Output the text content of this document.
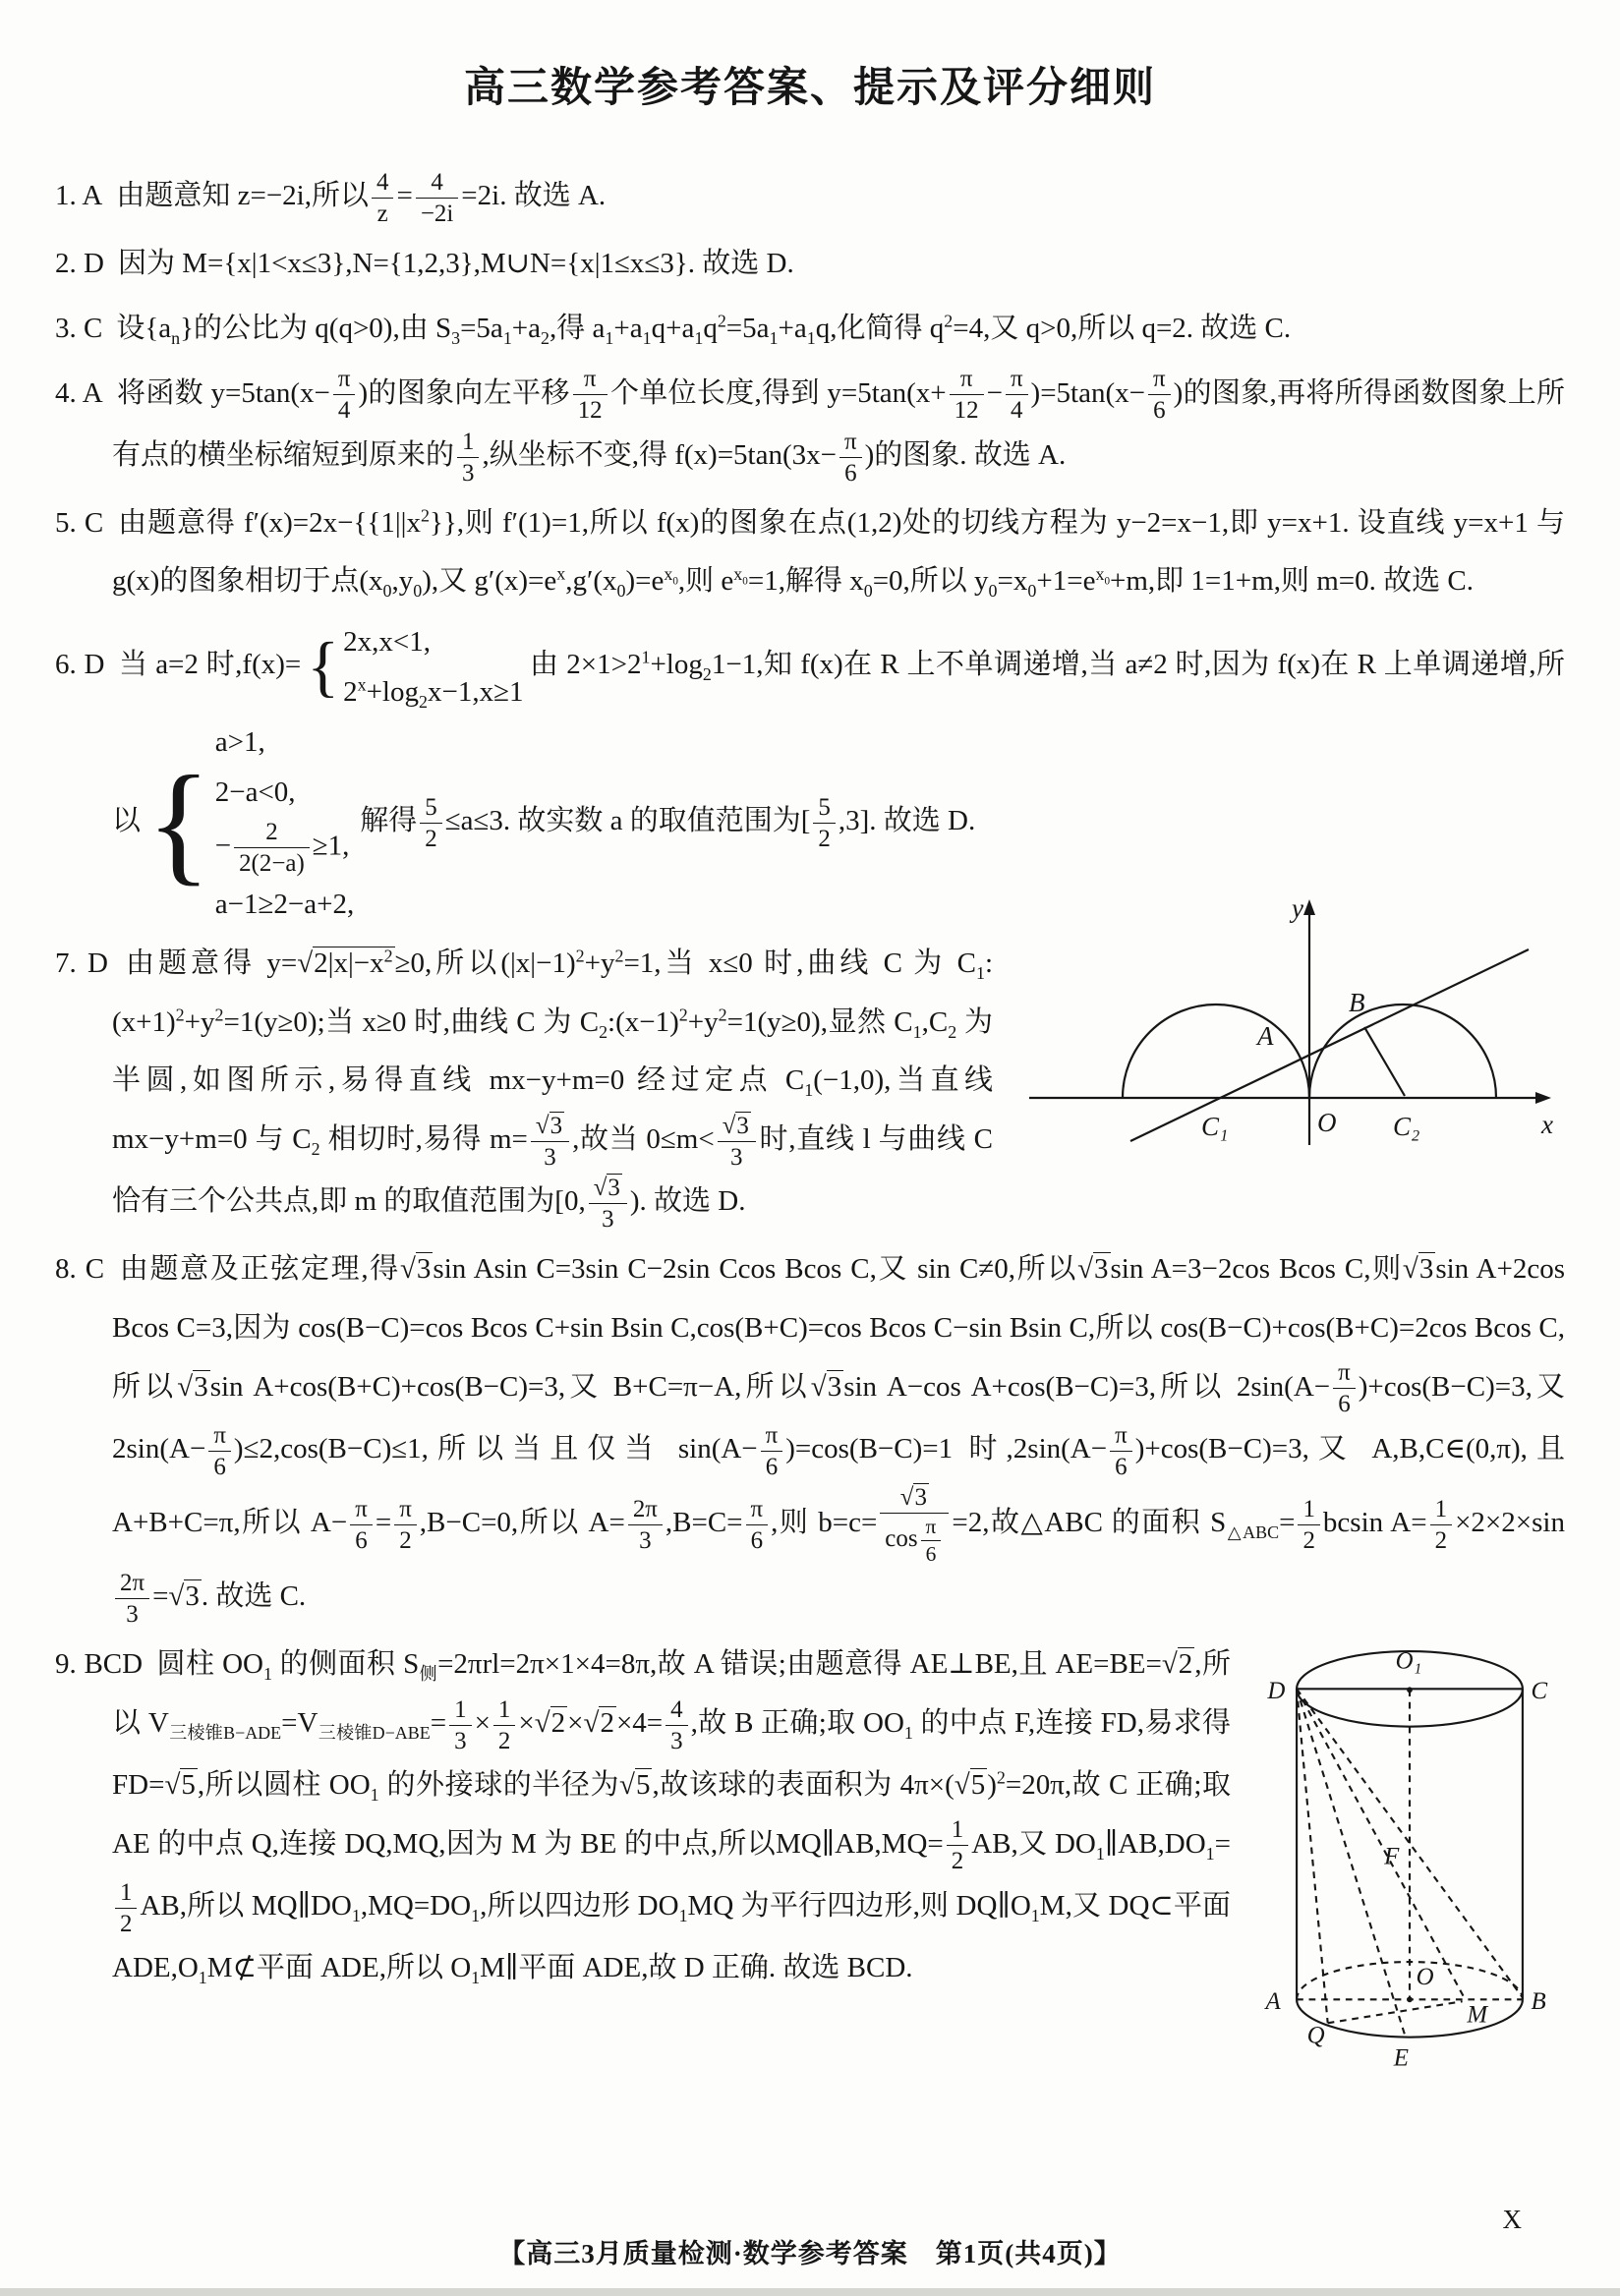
高三数学参考答案、提示及评分细则
1. A 由题意知 z=−2i,所以 $\frac{4}{z} = \frac{4}{-2i} =2i$. 故选 A.
2. D 因为 M={x|1<x≤3},N={1,2,3},M∪N={x|1≤x≤3}. 故选 D.
3. C 设$\{a_n\}$的公比为 q(q>0),由 $S_3=5a_1+a_2$,得 $a_1+a_1q+a_1q^2=5a_1+a_1q$,化简得 $q^2=4$,又 q>0,所以 q=2. 故选 C.
4. A 将函数 $y=5\tan(x- \frac{\pi}{4}$ )的图象向左平移 $\frac{\pi}{12}$ 个单位长度,得到 $y=5\tan(x+ \frac{\pi}{12} - \frac{\pi}{4} )=5\tan(x- \frac{\pi}{6}$ )的图象,再将所得函数图象上所有点的横坐标缩短到原来的 $\frac{1}{3}$ ,纵坐标不变,得 $f(x)=5\tan(3x- \frac{\pi}{6}$ )的图象. 故选 A.
5. C 由题意得 $f'(x)=2x-\{\{1||x^2\}\}$,则 f′(1)=1,所以 f(x)的图象在点(1,2)处的切线方程为 y−2=x−1,即 y=x+1. 设直线 y=x+1 与 g(x)的图象相切于点$(x_0,y_0)$,又 $g'(x)=e^x,g'(x_0)=e^{x_0}$,则 $e^{x_0}=1$,解得 $x_0=0$,所以 $y_0=x_0+1=e^{x_0}+m$,即 1=1+m,则 m=0. 故选 C.
6. D 当 a=2 时,f(x)= { 2x,x<1,
$2^x+\log_2x-1,x\ge 1$
由 $2\times 1>2^1+\log_21-1$,知 f(x)在 R 上不单调递增,当 a≠2 时,因为 f(x)在 R 上单调递增,所以 {
a>1,
2−a<0,
− $\frac{2}{2(2-a)} \ge 1$,
a−1≥2−a+2,
解得 $\frac{5}{2} \le a\le 3$. 故实数 a 的取值范围为[ $\frac{5}{2} ,3$]. 故选 D.
y
x
O
A
B
C₁	C₂
7. D 由题意得 $y=√2|x|-x^2\ge 0$,所以$(|x|-1)^2+y^2=1$,当 x≤0 时,曲线 C 为 $C_1:(x+1)^2+y^2=1(y\ge 0)$;当 x≥0 时,曲线 C 为 $C_2:(x-1)^2+y^2=1(y\ge 0)$,显然 $C_1,C_2$ 为半圆,如图所示,易得直线 mx−y+m=0 经过定点 $C_1(-1,0)$,当直线 mx−y+m=0 与 $C_2$ 相切时,易得 $m= \frac{√3}{3}$ ,故当 $0\le m< \frac{√3}{3}$ 时,直线 l 与曲线 C 恰有三个公共点,即 m 的取值范围为[0, $\frac{√3}{3}$ ). 故选 D.
8. C 由题意及正弦定理,得√3sin Asin C=3sin C−2sin Ccos Bcos C,又 sin C≠0,所以√3sin A=3−2cos Bcos C,则√3sin A+2cos Bcos C=3,因为 cos(B−C)=cos Bcos C+sin Bsin C,cos(B+C)=cos Bcos C−sin Bsin C,所以 cos(B−C)+cos(B+C)=2cos Bcos C,所以√3sin A+cos(B+C)+cos(B−C)=3,又 B+C=π−A,所以√3sin A−cos A+cos(B−C)=3,所以 $2\sin(A- \frac{\pi}{6} )+\cos(B-C)=3$,又 $2\sin(A- \frac{\pi}{6} )\le 2,\cos(B-C)\le 1$,所以当且仅当 $\sin(A- \frac{\pi}{6} )=\cos(B-C)=1$ 时$,2\sin(A- \frac{\pi}{6} )+\cos(B-C)=3$,又 A,B,C∈(0,π),且 A+B+C=π,所以 $A- \frac{\pi}{6} = \frac{\pi}{2} ,B-C=0$,所以 $A= \frac{2\pi}{3} ,B=C= \frac{\pi}{6}$ ,则 $b=c= \frac{√3}{\cos \frac{\pi}{6}} =2$,故△ABC 的面积 $S_{\triangle ABC}= \frac{1}{2}$ bcsin $A= \frac{1}{2} \times 2\times 2\times\sin$
$\frac{2\pi}{3} =√3$. 故选 C.
D
O₁
C
F
A
O
B
M
Q
E
9. BCD 圆柱 $OO_1$ 的侧面积 $S_侧=2\pi rl=2\pi\times 1\times 4=8\pi$,故 A 错误;由题意得 AE⊥BE,且 AE=BE=√2,所以 $V_{三棱锥B-ADE}=V_{三棱锥D-ABE}= \frac{1}{3} \times \frac{1}{2} \times√2\times√2\times 4= \frac{4}{3}$ ,故 B 正确;取 $OO_1$ 的中点 F,连接 FD,易求得 FD=√5,所以圆柱 $OO_1$ 的外接球的半径为√5,故该球的表面积为 $4\pi\times(√5)^2=20\pi$,故 C 正确;取 AE 的中点 Q,连接 DQ,MQ,因为 M 为 BE 的中点,所以MQ∥AB,MQ= $\frac{1}{2}$ AB,又 $DO_1\parallel AB,DO_1=$
$\frac{1}{2}$ AB,所以 $MQ\parallel DO_1,MQ=DO_1$,所以四边形 $DO_1MQ$ 为平行四边形,则 $DQ\parallel O_1M$,又 DQ⊂平面 $ADE,O_1M⊄$平面 ADE,所以 $O_1M\parallel$平面 ADE,故 D 正确. 故选 BCD.
【高三3月质量检测·数学参考答案　第1页(共4页)】
X
